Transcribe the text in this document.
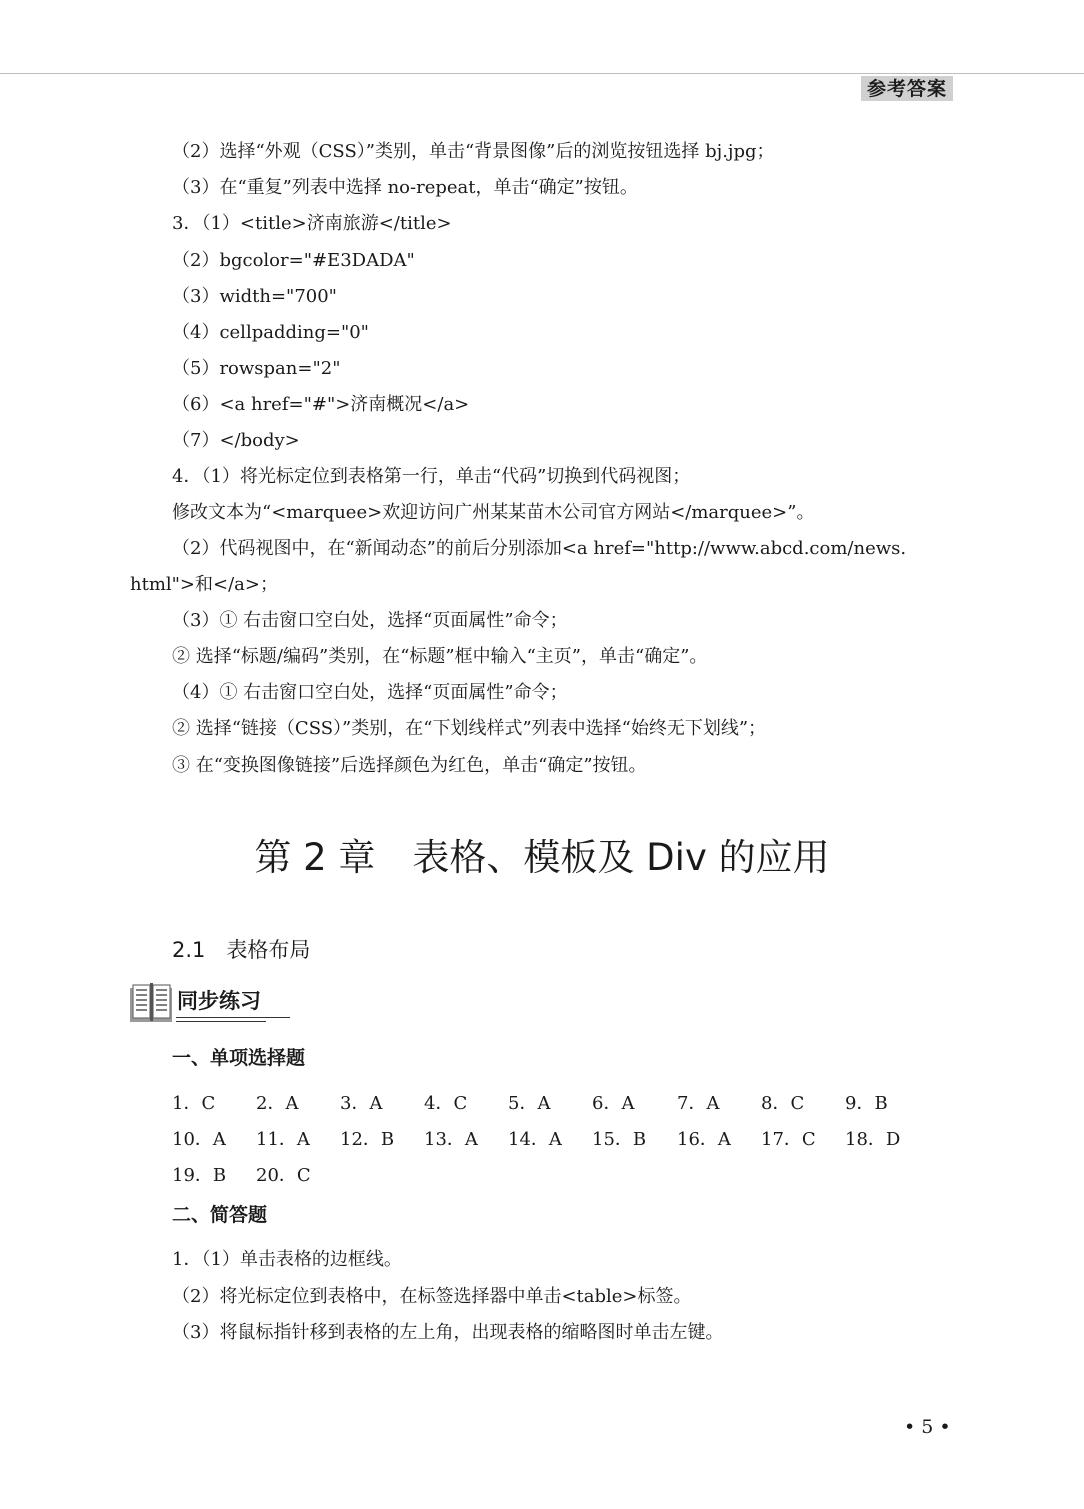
参考答案
（2）选择“外观（CSS）”类别，单击“背景图像”后的浏览按钮选择 bj.jpg；
（3）在“重复”列表中选择 no-repeat，单击“确定”按钮。
3．（1）<title>济南旅游</title>
（2）bgcolor="#E3DADA"
（3）width="700"
（4）cellpadding="0"
（5）rowspan="2"
（6）<a href="#">济南概况</a>
（7）</body>
4．（1）将光标定位到表格第一行，单击“代码”切换到代码视图；
修改文本为“<marquee>欢迎访问广州某某苗木公司官方网站</marquee>”。
（2）代码视图中，在“新闻动态”的前后分别添加<a href="http://www.abcd.com/news.
html">和</a>；
（3）① 右击窗口空白处，选择“页面属性”命令；
② 选择“标题/编码”类别，在“标题”框中输入“主页”，单击“确定”。
（4）① 右击窗口空白处，选择“页面属性”命令；
② 选择“链接（CSS）”类别，在“下划线样式”列表中选择“始终无下划线”；
③ 在“变换图像链接”后选择颜色为红色，单击“确定”按钮。
第 2 章　表格、模板及 Div 的应用
2.1　表格布局
同步练习
一、单项选择题
1．C 2．A 3．A 4．C 5．A 6．A 7．A 8．C 9．B
10．A 11．A 12．B 13．A 14．A 15．B 16．A 17．C 18．D
19．B 20．C
二、简答题
1．（1）单击表格的边框线。
（2）将光标定位到表格中，在标签选择器中单击<table>标签。
（3）将鼠标指针移到表格的左上角，出现表格的缩略图时单击左键。
• 5 •
